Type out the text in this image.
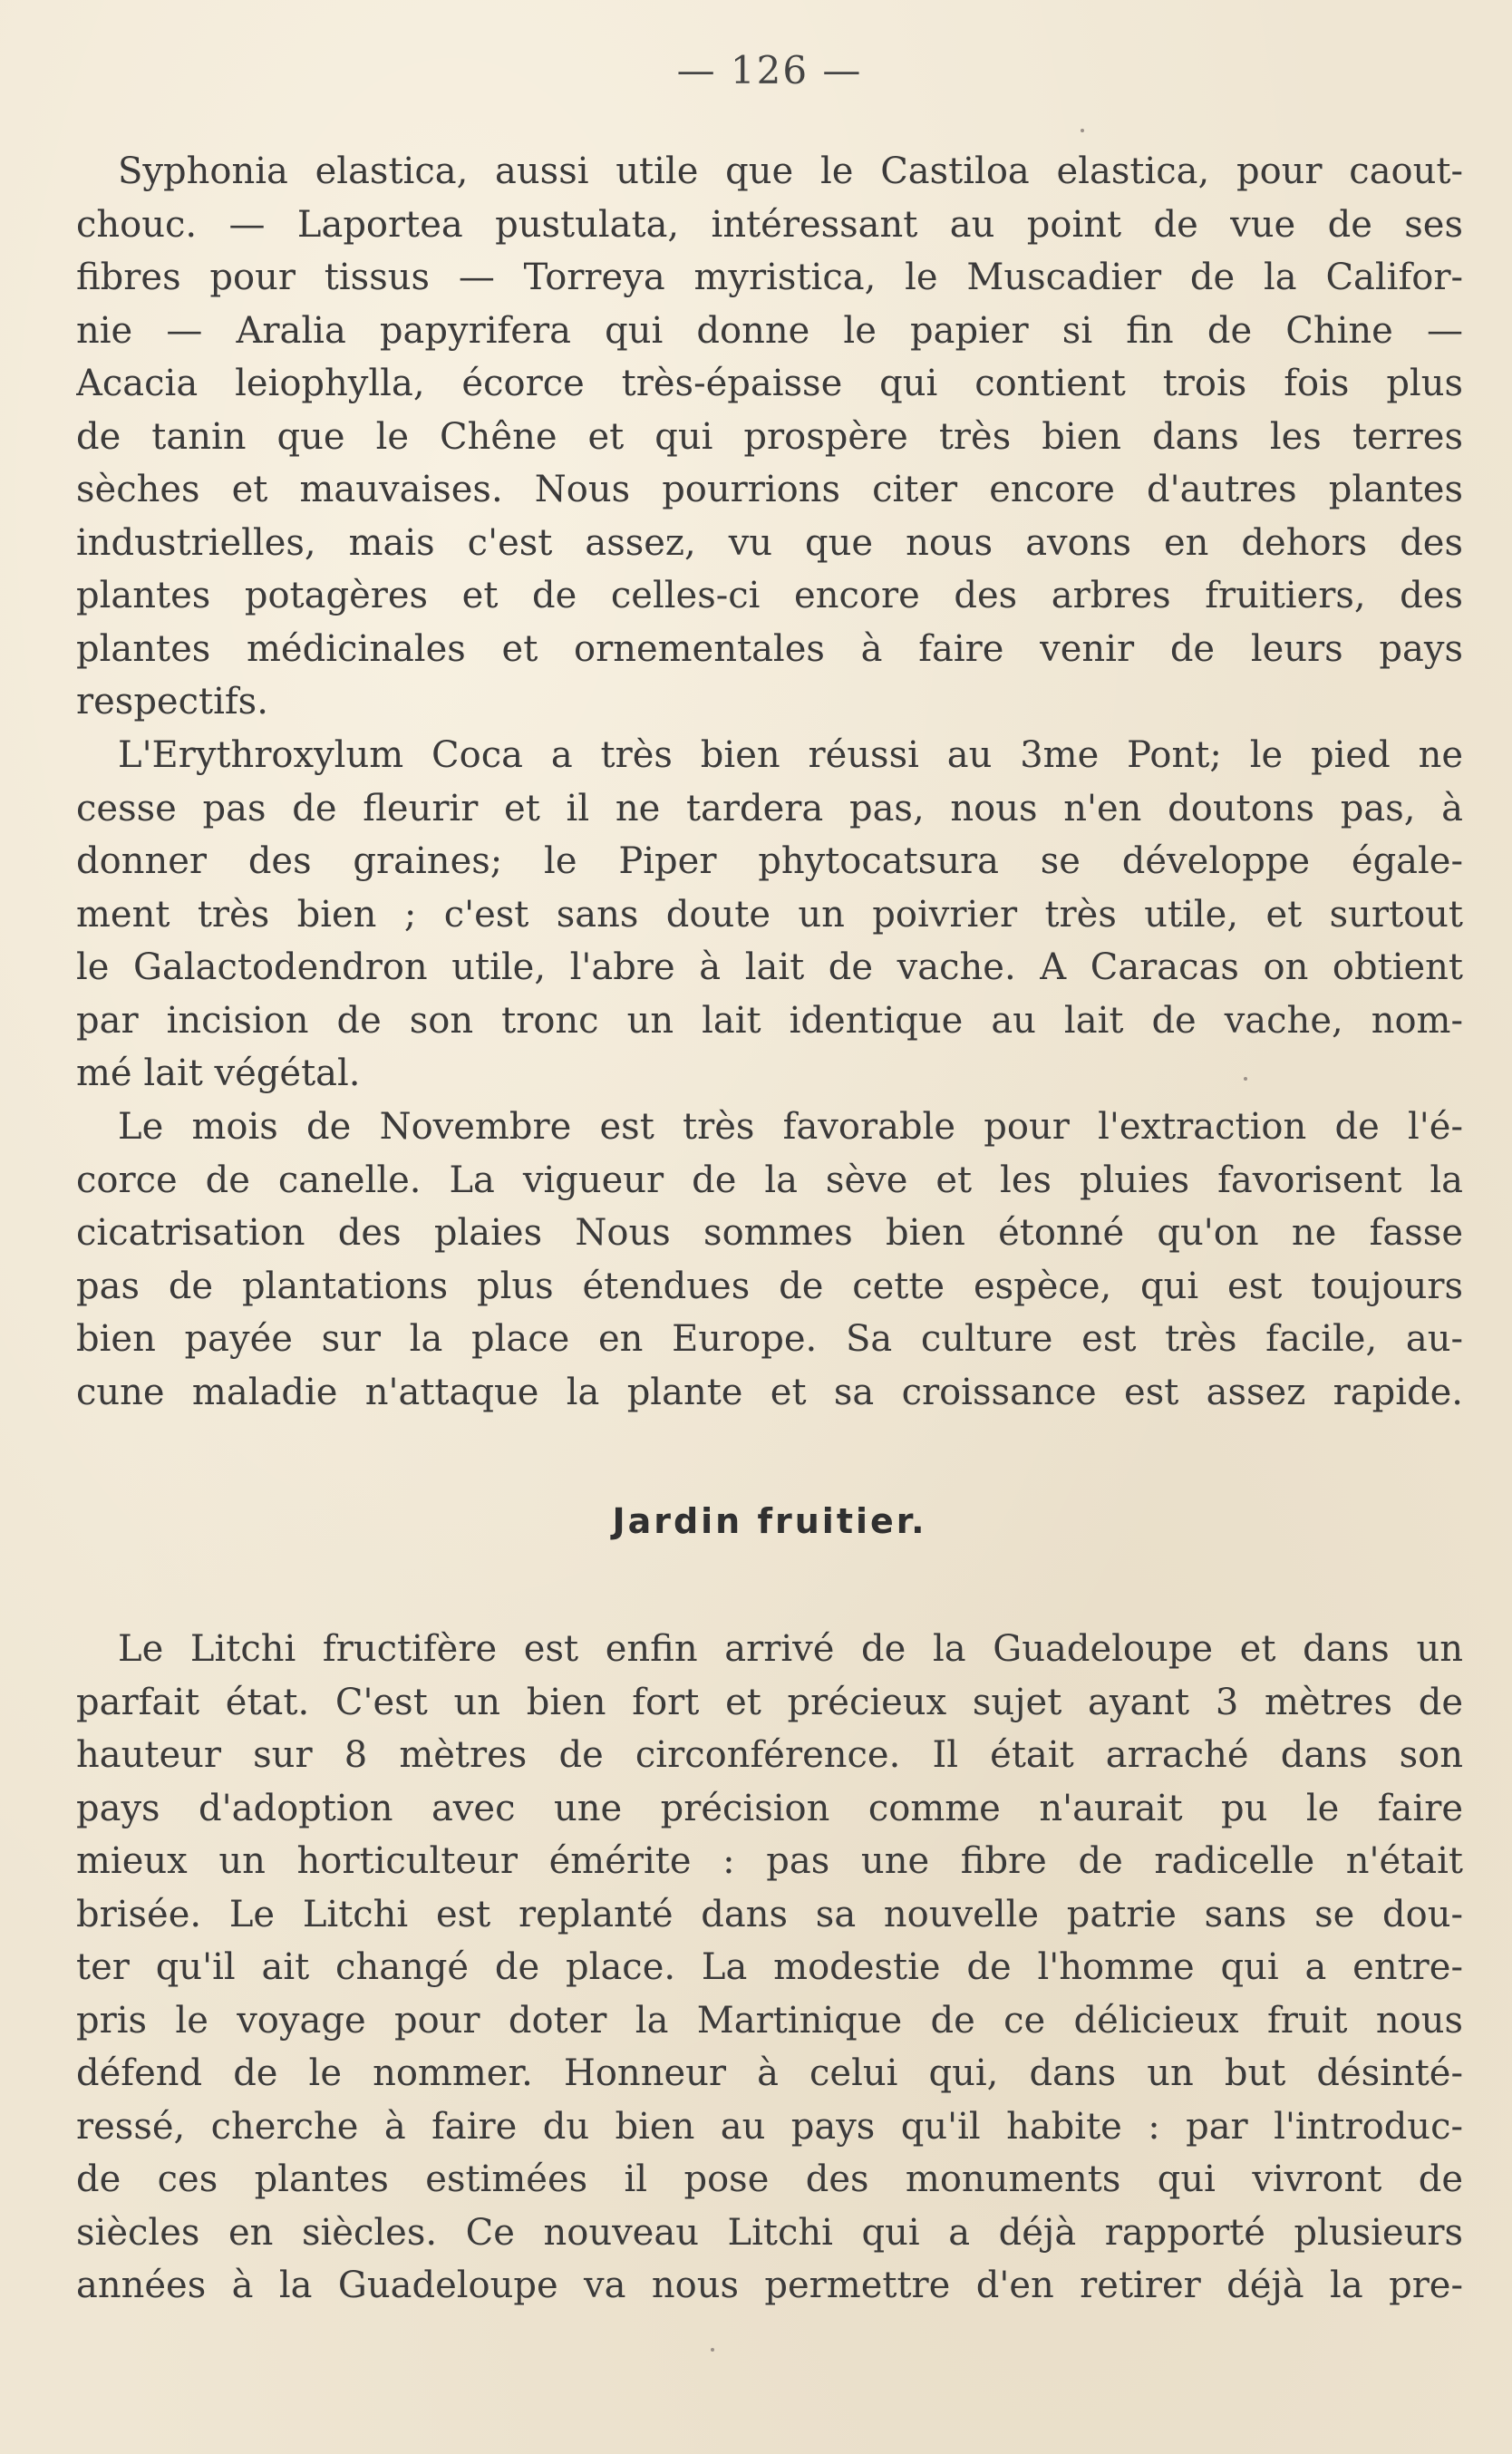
— 126 —
Syphonia elastica, aussi utile que le Castiloa elastica, pour caout-
chouc. — Laportea pustulata, intéressant au point de vue de ses
fibres pour tissus — Torreya myristica, le Muscadier de la Califor-
nie — Aralia papyrifera qui donne le papier si fin de Chine —
Acacia leiophylla, écorce très-épaisse qui contient trois fois plus
de tanin que le Chêne et qui prospère très bien dans les terres
sèches et mauvaises. Nous pourrions citer encore d'autres plantes
industrielles, mais c'est assez, vu que nous avons en dehors des
plantes potagères et de celles-ci encore des arbres fruitiers, des
plantes médicinales et ornementales à faire venir de leurs pays
respectifs.
L'Erythroxylum Coca a très bien réussi au 3me Pont; le pied ne
cesse pas de fleurir et il ne tardera pas, nous n'en doutons pas, à
donner des graines; le Piper phytocatsura se développe égale-
ment très bien ; c'est sans doute un poivrier très utile, et surtout
le Galactodendron utile, l'abre à lait de vache. A Caracas on obtient
par incision de son tronc un lait identique au lait de vache, nom-
mé lait végétal.
Le mois de Novembre est très favorable pour l'extraction de l'é-
corce de canelle. La vigueur de la sève et les pluies favorisent la
cicatrisation des plaies Nous sommes bien étonné qu'on ne fasse
pas de plantations plus étendues de cette espèce, qui est toujours
bien payée sur la place en Europe. Sa culture est très facile, au-
cune maladie n'attaque la plante et sa croissance est assez rapide.
Jardin fruitier.
Le Litchi fructifère est enfin arrivé de la Guadeloupe et dans un
parfait état. C'est un bien fort et précieux sujet ayant 3 mètres de
hauteur sur 8 mètres de circonférence. Il était arraché dans son
pays d'adoption avec une précision comme n'aurait pu le faire
mieux un horticulteur émérite : pas une fibre de radicelle n'était
brisée. Le Litchi est replanté dans sa nouvelle patrie sans se dou-
ter qu'il ait changé de place. La modestie de l'homme qui a entre-
pris le voyage pour doter la Martinique de ce délicieux fruit nous
défend de le nommer. Honneur à celui qui, dans un but désinté-
ressé, cherche à faire du bien au pays qu'il habite : par l'introduc-
de ces plantes estimées il pose des monuments qui vivront de
siècles en siècles. Ce nouveau Litchi qui a déjà rapporté plusieurs
années à la Guadeloupe va nous permettre d'en retirer déjà la pre-
